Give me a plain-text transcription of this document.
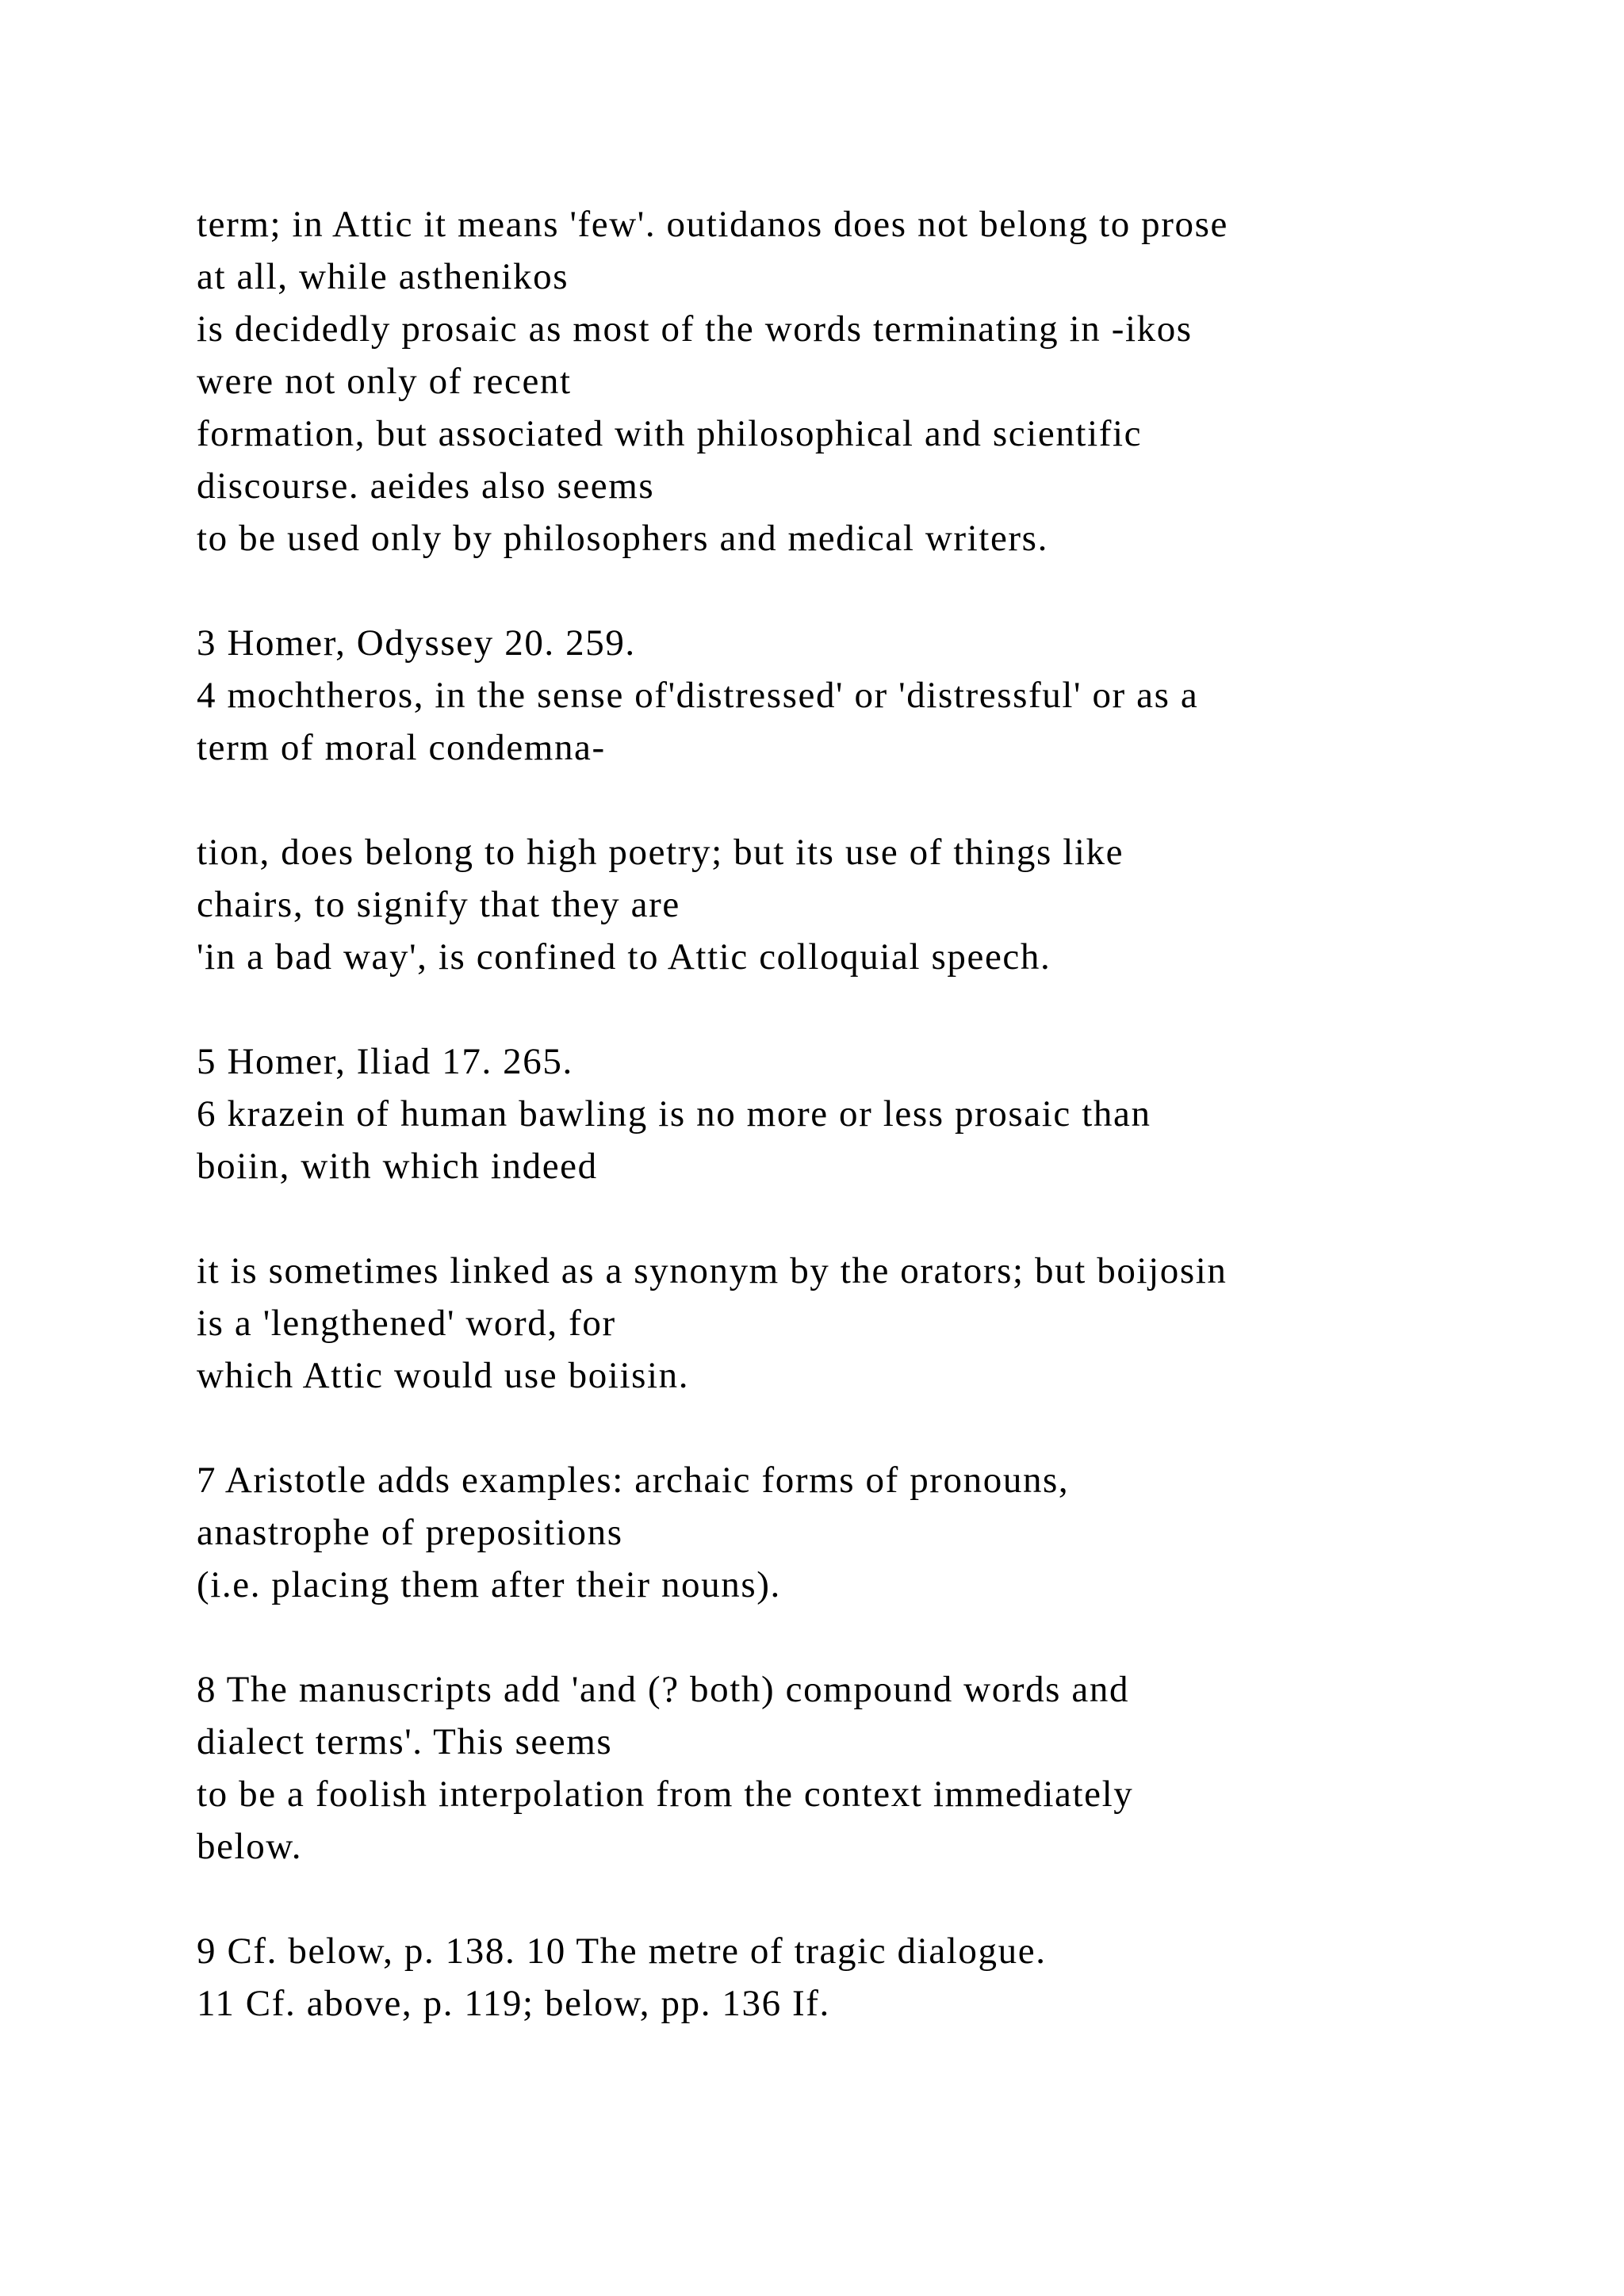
term; in Attic it means 'few'. outidanos does not belong to prose
at all, while asthenikos
is decidedly prosaic as most of the words terminating in -ikos
were not only of recent
formation, but associated with philosophical and scientific
discourse. aeides also seems
to be used only by philosophers and medical writers.
3 Homer, Odyssey 20. 259.
4 mochtheros, in the sense of'distressed' or 'distressful' or as a
term of moral condemna-
tion, does belong to high poetry; but its use of things like
chairs, to signify that they are
'in a bad way', is confined to Attic colloquial speech.
5 Homer, Iliad 17. 265.
6 krazein of human bawling is no more or less prosaic than
boiin, with which indeed
it is sometimes linked as a synonym by the orators; but boijosin
is a 'lengthened' word, for
which Attic would use boiisin.
7 Aristotle adds examples: archaic forms of pronouns,
anastrophe of prepositions
(i.e. placing them after their nouns).
8 The manuscripts add 'and (? both) compound words and
dialect terms'. This seems
to be a foolish interpolation from the context immediately
below.
9 Cf. below, p. 138. 10 The metre of tragic dialogue.
11 Cf. above, p. 119; below, pp. 136 If.
